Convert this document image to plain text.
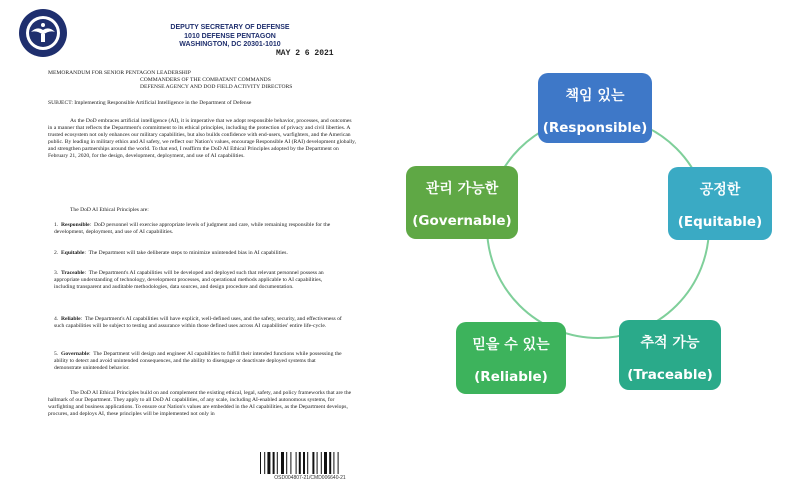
DEPUTY SECRETARY OF DEFENSE
1010 DEFENSE PENTAGON
WASHINGTON, DC 20301-1010
MAY 2 6 2021
MEMORANDUM FOR SENIOR PENTAGON LEADERSHIP
COMMANDERS OF THE COMBATANT COMMANDS
DEFENSE AGENCY AND DOD FIELD ACTIVITY DIRECTORS
SUBJECT: Implementing Responsible Artificial Intelligence in the Department of Defense
As the DoD embraces artificial intelligence (AI), it is imperative that we adopt responsible behavior, processes, and outcomes in a manner that reflects the Department's commitment to its ethical principles, including the protection of privacy and civil liberties. A trusted ecosystem not only enhances our military capabilities, but also builds confidence with end-users, warfighters, and the American public. By leading in military ethics and AI safety, we reflect our Nation's values, encourage Responsible AI (RAI) development globally, and strengthen partnerships around the world. To that end, I reaffirm the DoD AI Ethical Principles adopted by the Department on February 21, 2020, for the design, development, deployment, and use of AI capabilities.
The DoD AI Ethical Principles are:
1. Responsible:  DoD personnel will exercise appropriate levels of judgment and care, while remaining responsible for the development, deployment, and use of AI capabilities.
2. Equitable:  The Department will take deliberate steps to minimize unintended bias in AI capabilities.
3. Traceable:  The Department's AI capabilities will be developed and deployed such that relevant personnel possess an appropriate understanding of technology, development processes, and operational methods applicable to AI capabilities, including transparent and auditable methodologies, data sources, and design procedure and documentation.
4. Reliable:  The Department's AI capabilities will have explicit, well-defined uses, and the safety, security, and effectiveness of such capabilities will be subject to testing and assurance within those defined uses across AI capabilities' entire life-cycle.
5. Governable:  The Department will design and engineer AI capabilities to fulfill their intended functions while possessing the ability to detect and avoid unintended consequences, and the ability to disengage or deactivate deployed systems that demonstrate unintended behavior.
The DoD AI Ethical Principles build on and complement the existing ethical, legal, safety, and policy frameworks that are the hallmark of our Department. They apply to all DoD AI capabilities, of any scale, including AI-enabled autonomous systems, for warfighting and business applications. To ensure our Nation's values are embedded in the AI capabilities, as the Department develops, procures, and deploys AI, these principles will be implemented not only in
OSD004807-21/CMD006640-21
책임 있는
(Responsible)
공정한
(Equitable)
추적 가능
(Traceable)
믿을 수 있는
(Reliable)
관리 가능한
(Governable)
